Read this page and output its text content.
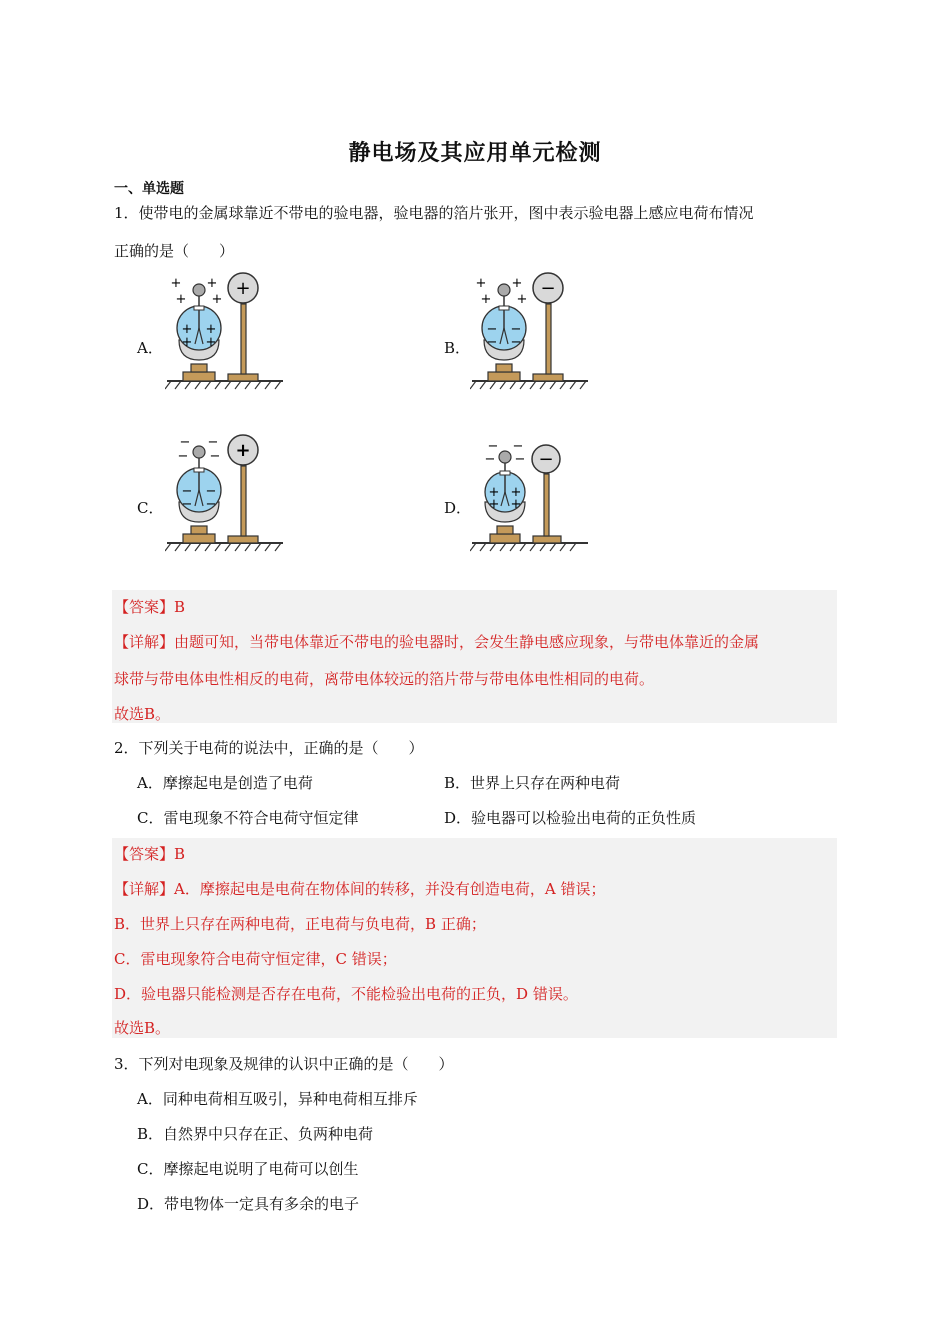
静电场及其应用单元检测
一、单选题
1．使带电的金属球靠近不带电的验电器，验电器的箔片张开，图中表示验电器上感应电荷布情况
正确的是（　　）
A．	B．
C．	D．
+ +
+ +
+ +
+ +
+	+ +
+ +
− −
− −
−
− −
− −
− −
− −
+	− −
− −
+ +
+ +
−
【答案】B
【详解】由题可知，当带电体靠近不带电的验电器时，会发生静电感应现象，与带电体靠近的金属
球带与带电体电性相反的电荷，离带电体较远的箔片带与带电体电性相同的电荷。
故选B。
2．下列关于电荷的说法中，正确的是（　　）
A．摩擦起电是创造了电荷	B．世界上只存在两种电荷
C．雷电现象不符合电荷守恒定律	D．验电器可以检验出电荷的正负性质
【答案】B
【详解】A．摩擦起电是电荷在物体间的转移，并没有创造电荷，A 错误；
B．世界上只存在两种电荷，正电荷与负电荷，B 正确；
C．雷电现象符合电荷守恒定律，C 错误；
D．验电器只能检测是否存在电荷，不能检验出电荷的正负，D 错误。
故选B。
3．下列对电现象及规律的认识中正确的是（　　）
A．同种电荷相互吸引，异种电荷相互排斥
B．自然界中只存在正、负两种电荷
C．摩擦起电说明了电荷可以创生
D．带电物体一定具有多余的电子
